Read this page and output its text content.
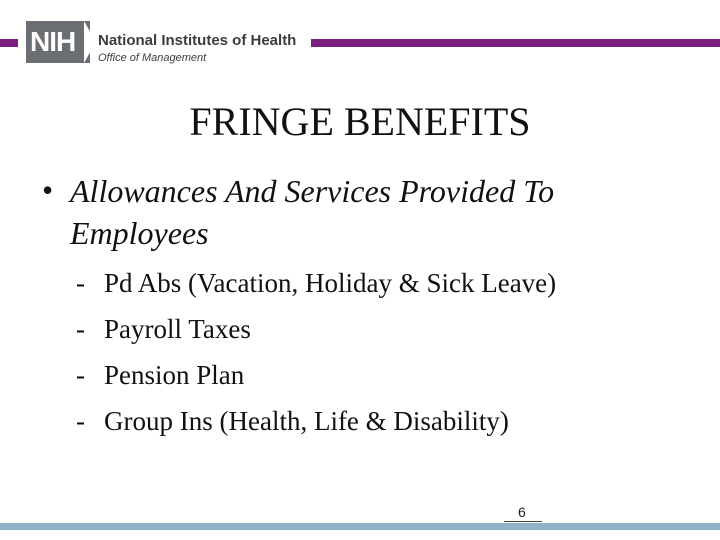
NIH	National Institutes of Health
Office of Management
FRINGE BENEFITS
• Allowances And Services Provided To Employees
- Pd Abs (Vacation, Holiday & Sick Leave)
- Payroll Taxes
- Pension Plan
- Group Ins (Health, Life & Disability)
6
